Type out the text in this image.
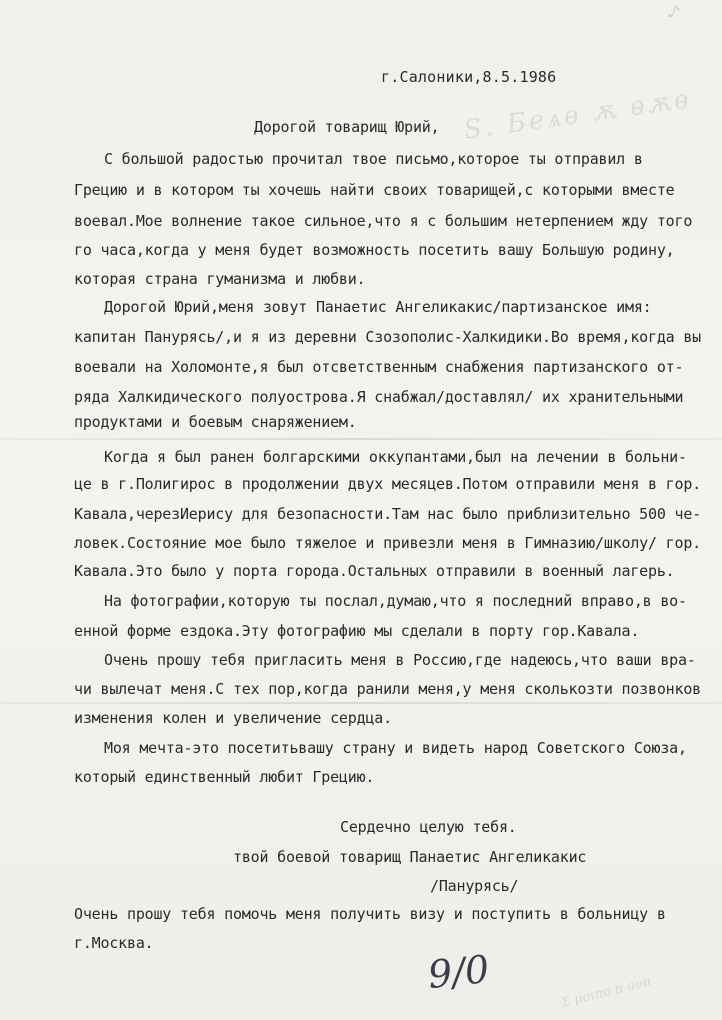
Ѕ. Беѧѳ ѫ ѳѫѳ
Σ μοιπο π ουπ
♪
г.Салоники,8.5.1986
Дорогой товарищ Юрий,
С большой радостью прочитал твое письмо,которое ты отправил в
Грецию и в котором ты хочешь найти своих товарищей,с которыми вместе
воевал.Мое волнение такое сильное,что я с большим нетерпением жду того
го часа,когда у меня будет возможность посетить вашу Большую родину,
которая страна гуманизма и любви.
Дорогой Юрий,меня зовут Панаетис Ангеликакис/партизанское имя:
капитан Панурясь/,и я из деревни Сзозополис-Халкидики.Во время,когда вы
воевали на Холомонте,я был отсветственным снабжения партизанского от-
ряда Халкидического полуострова.Я снабжал/доставлял/ их хранительными
продуктами и боевым снаряжением.
Когда я был ранен болгарскими оккупантами,был на лечении в больни-
це в г.Полигирос в продолжении двух месяцев.Потом отправили меня в гор.
Кавала,черезИерису для безопасности.Там нас было приблизительно 500 че-
ловек.Состояние мое было тяжелое и привезли меня в Гимназию/школу/ гор.
Кавала.Это было у порта города.Остальных отправили в военный лагерь.
На фотографии,которую ты послал,думаю,что я последний вправо,в во-
енной форме ездока.Эту фотографию мы сделали в порту гор.Кавала.
Очень прошу тебя пригласить меня в Россию,где надеюсь,что ваши вра-
чи вылечат меня.С тех пор,когда ранили меня,у меня сколькозти позвонков
изменения колен и увеличение сердца.
Моя мечта-это посетитьвашу страну и видеть народ Советского Союза,
который единственный любит Грецию.
Сердечно целую тебя.
твой боевой товарищ Панаетис Ангеликакис
/Панурясь/
Очень прошу тебя помочь меня получить визу и поступить в больницу в
г.Москва.
9/0
